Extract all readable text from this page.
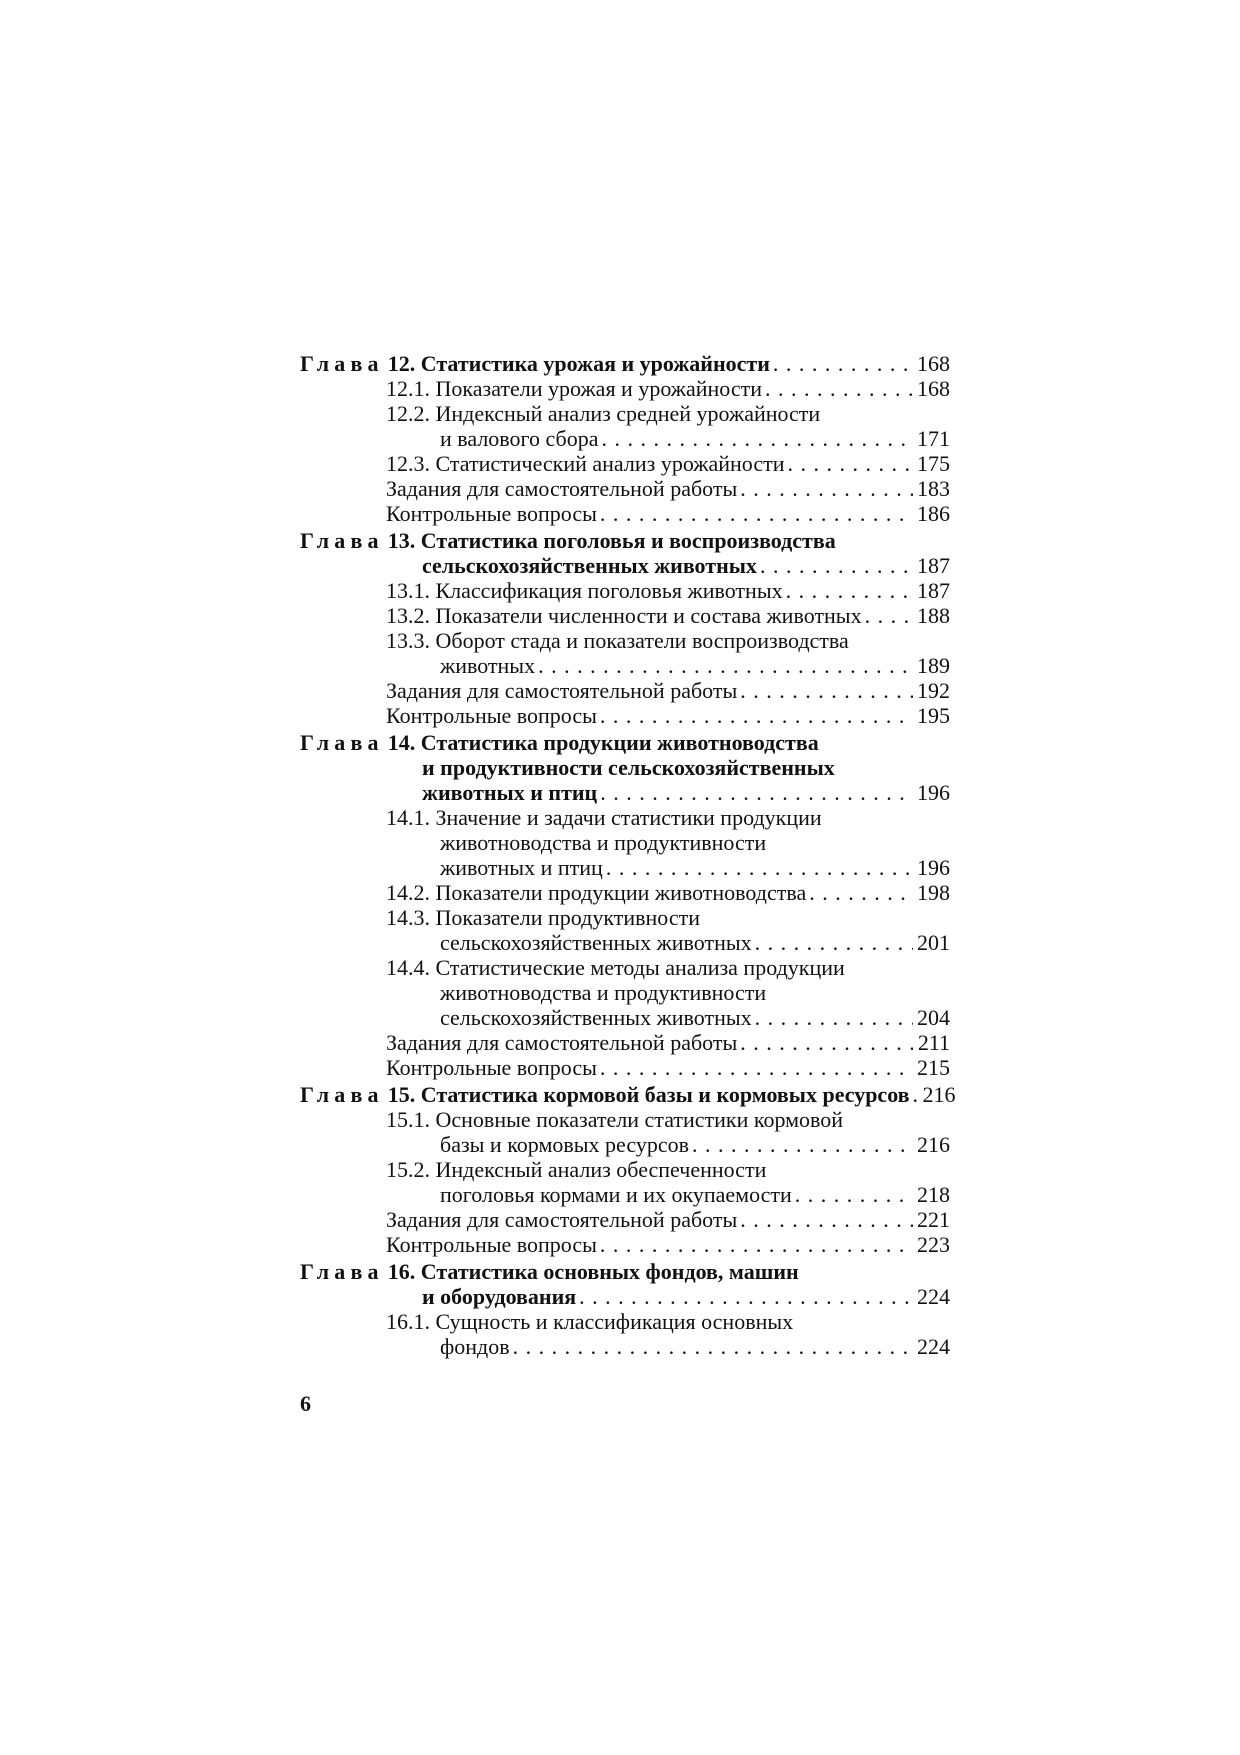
Глава 12.
Статистика урожая и урожайности . . .	168
12.1. Показатели урожая и урожайности . . .	168
12.2. Индексный анализ средней урожайности
и валового сбора . . .	171
12.3. Статистический анализ урожайности . . .	175
Задания для самостоятельной работы . . .	183
Контрольные вопросы . . .	186
Глава 13.
Статистика поголовья и воспроизводства
сельскохозяйственных животных . . .	187
13.1. Классификация поголовья животных . . .	187
13.2. Показатели численности и состава животных . . .	188
13.3. Оборот стада и показатели воспроизводства
животных . . .	189
Задания для самостоятельной работы . . .	192
Контрольные вопросы . . .	195
Глава 14.
Статистика продукции животноводства
и продуктивности сельскохозяйственных
животных и птиц . . .	196
14.1. Значение и задачи статистики продукции
животноводства и продуктивности
животных и птиц . . .	196
14.2. Показатели продукции животноводства . . .	198
14.3. Показатели продуктивности
сельскохозяйственных животных . . .	201
14.4. Статистические методы анализа продукции
животноводства и продуктивности
сельскохозяйственных животных . . .	204
Задания для самостоятельной работы . . .	211
Контрольные вопросы . . .	215
Глава 15.
Статистика кормовой базы и кормовых ресурсов . . . 216
15.1. Основные показатели статистики кормовой
базы и кормовых ресурсов . . .	216
15.2. Индексный анализ обеспеченности
поголовья кормами и их окупаемости . . .	218
Задания для самостоятельной работы . . .	221
Контрольные вопросы . . .	223
Глава 16.
Статистика основных фондов, машин
и оборудования . . .	224
16.1. Сущность и классификация основных
фондов . . .	224
6
